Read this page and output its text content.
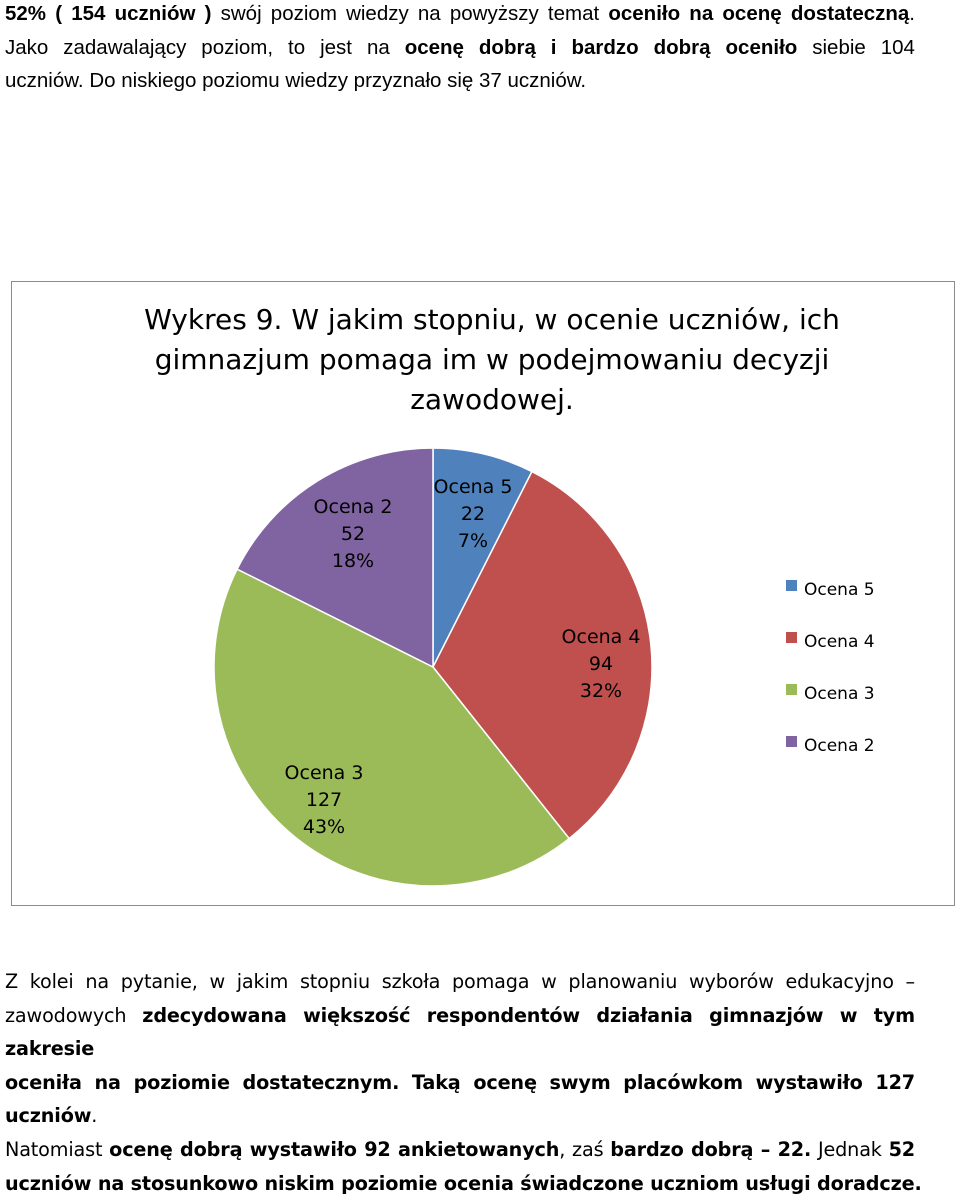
52% ( 154 uczniów ) swój poziom wiedzy na powyższy temat oceniło na ocenę dostateczną.
Jako zadawalający poziom, to jest na ocenę dobrą i bardzo dobrą oceniło siebie 104
uczniów. Do niskiego poziomu wiedzy przyznało się 37 uczniów.
Wykres 9. W jakim stopniu, w ocenie uczniów, ich
gimnazjum pomaga im w podejmowaniu decyzji
zawodowej.
Ocena 5 22 7%
Ocena 4 94 32%
Ocena 3 127 43%
Ocena 2 52 18%
Ocena 5
Ocena 4
Ocena 3
Ocena 2
Z kolei na pytanie, w jakim stopniu szkoła pomaga w planowaniu wyborów edukacyjno –
zawodowych zdecydowana większość respondentów działania gimnazjów w tym zakresie
oceniła na poziomie dostatecznym. Taką ocenę swym placówkom wystawiło 127 uczniów.
Natomiast ocenę dobrą wystawiło 92 ankietowanych, zaś bardzo dobrą – 22. Jednak 52
uczniów na stosunkowo niskim poziomie ocenia świadczone uczniom usługi doradcze.
